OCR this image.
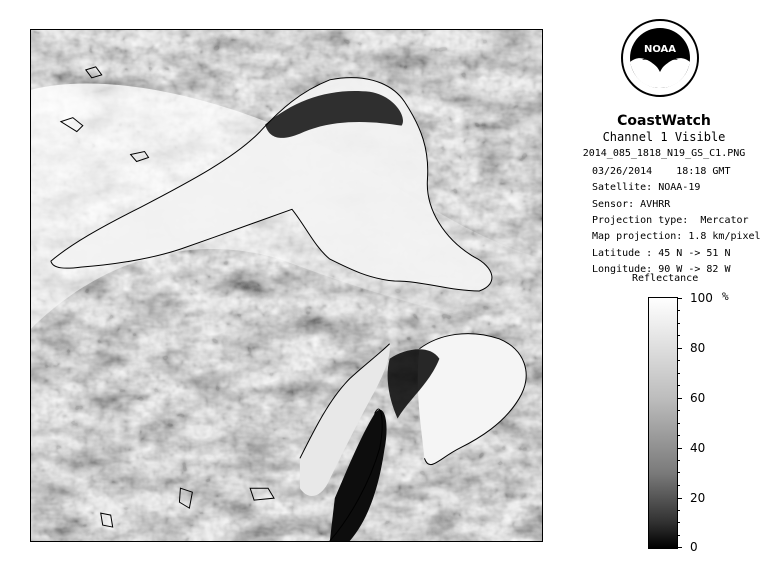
NOAA
CoastWatch
Channel 1 Visible
2014_085_1818_N19_GS_C1.PNG
03/26/2014    18:18 GMT
Satellite: NOAA-19
Sensor: AVHRR
Projection type:  Mercator
Map projection: 1.8 km/pixel
Latitude : 45 N -> 51 N
Longitude: 90 W -> 82 W
Reflectance
%
100
80
60
40
20
0
